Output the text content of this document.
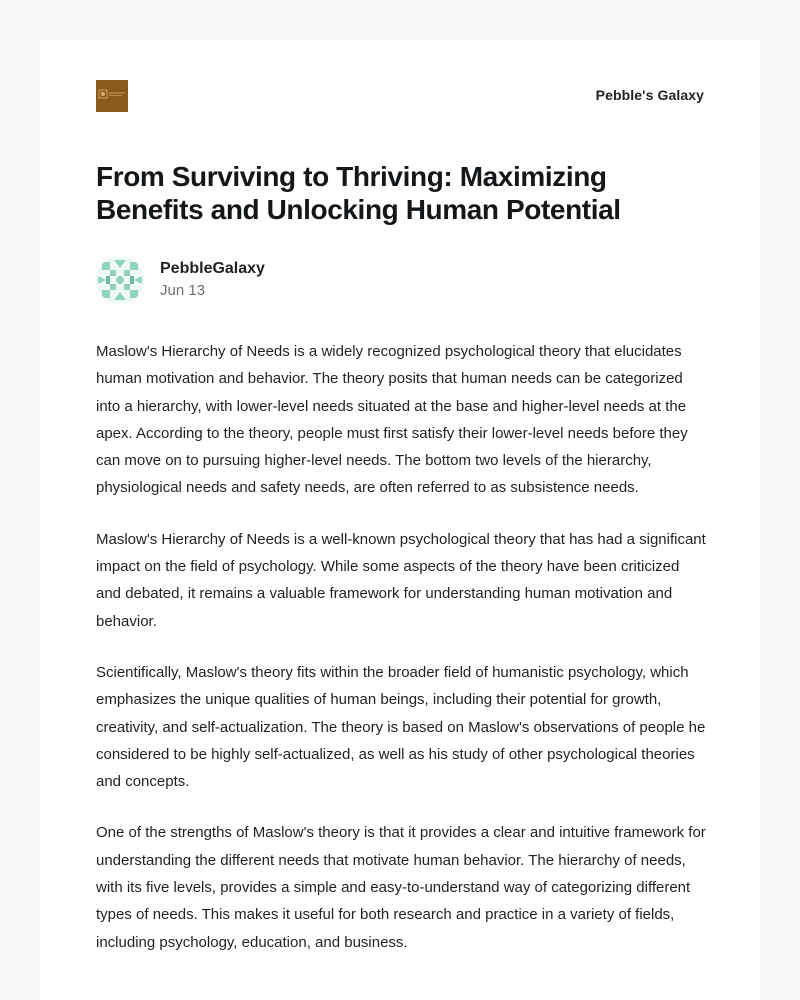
Pebble's Galaxy
From Surviving to Thriving: Maximizing Benefits and Unlocking Human Potential
PebbleGalaxy
Jun 13

Maslow's Hierarchy of Needs is a widely recognized psychological theory that elucidates human motivation and behavior. The theory posits that human needs can be categorized into a hierarchy, with lower-level needs situated at the base and higher-level needs at the apex. According to the theory, people must first satisfy their lower-level needs before they can move on to pursuing higher-level needs. The bottom two levels of the hierarchy, physiological needs and safety needs, are often referred to as subsistence needs.

Maslow's Hierarchy of Needs is a well-known psychological theory that has had a significant impact on the field of psychology. While some aspects of the theory have been criticized and debated, it remains a valuable framework for understanding human motivation and behavior.

Scientifically, Maslow's theory fits within the broader field of humanistic psychology, which emphasizes the unique qualities of human beings, including their potential for growth, creativity, and self-actualization. The theory is based on Maslow's observations of people he considered to be highly self-actualized, as well as his study of other psychological theories and concepts.

One of the strengths of Maslow's theory is that it provides a clear and intuitive framework for understanding the different needs that motivate human behavior. The hierarchy of needs, with its five levels, provides a simple and easy-to-understand way of categorizing different types of needs. This makes it useful for both research and practice in a variety of fields, including psychology, education, and business.
